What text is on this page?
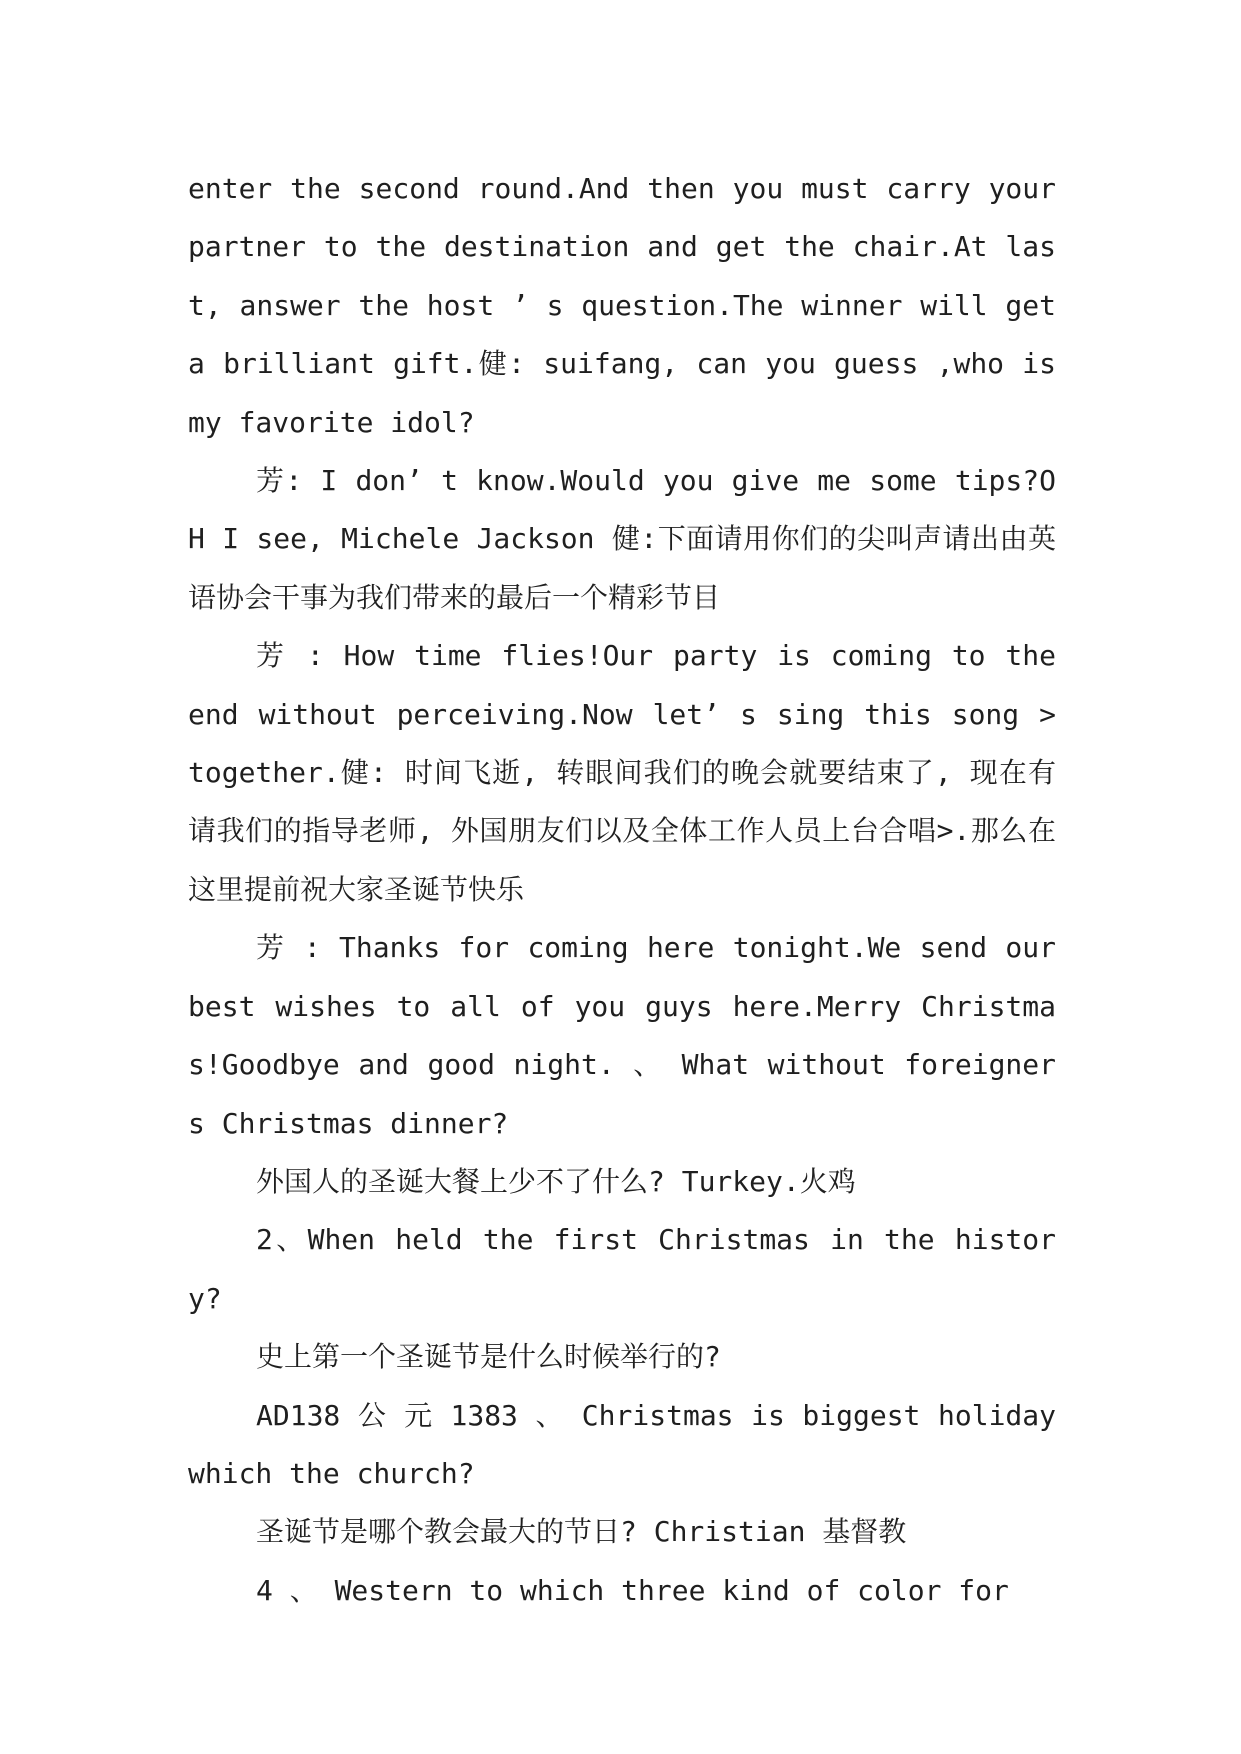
enter the second round.And then you must carry your partner to the destination and get the chair.At last, answer the host ’ s question.The winner will get a brilliant gift.健: suifang, can you guess ,who is my favorite idol?

芳: I don’ t know.Would you give me some tips?OH I see, Michele Jackson 健:下面请用你们的尖叫声请出由英语协会干事为我们带来的最后一个精彩节目

芳 : How time flies!Our party is coming to the end without perceiving.Now let’ s sing this song > together.健: 时间飞逝, 转眼间我们的晚会就要结束了, 现在有请我们的指导老师, 外国朋友们以及全体工作人员上台合唱>.那么在这里提前祝大家圣诞节快乐

芳 : Thanks for coming here tonight.We send our best wishes to all of you guys here.Merry Christmas!Goodbye and good night. 、 What without foreigners Christmas dinner?

外国人的圣诞大餐上少不了什么? Turkey.火鸡

2、When held the first Christmas in the history?

史上第一个圣诞节是什么时候举行的?

AD138 公 元 1383 、 Christmas is biggest holiday which the church?

圣诞节是哪个教会最大的节日? Christian 基督教

4 、 Western to which three kind of color for
